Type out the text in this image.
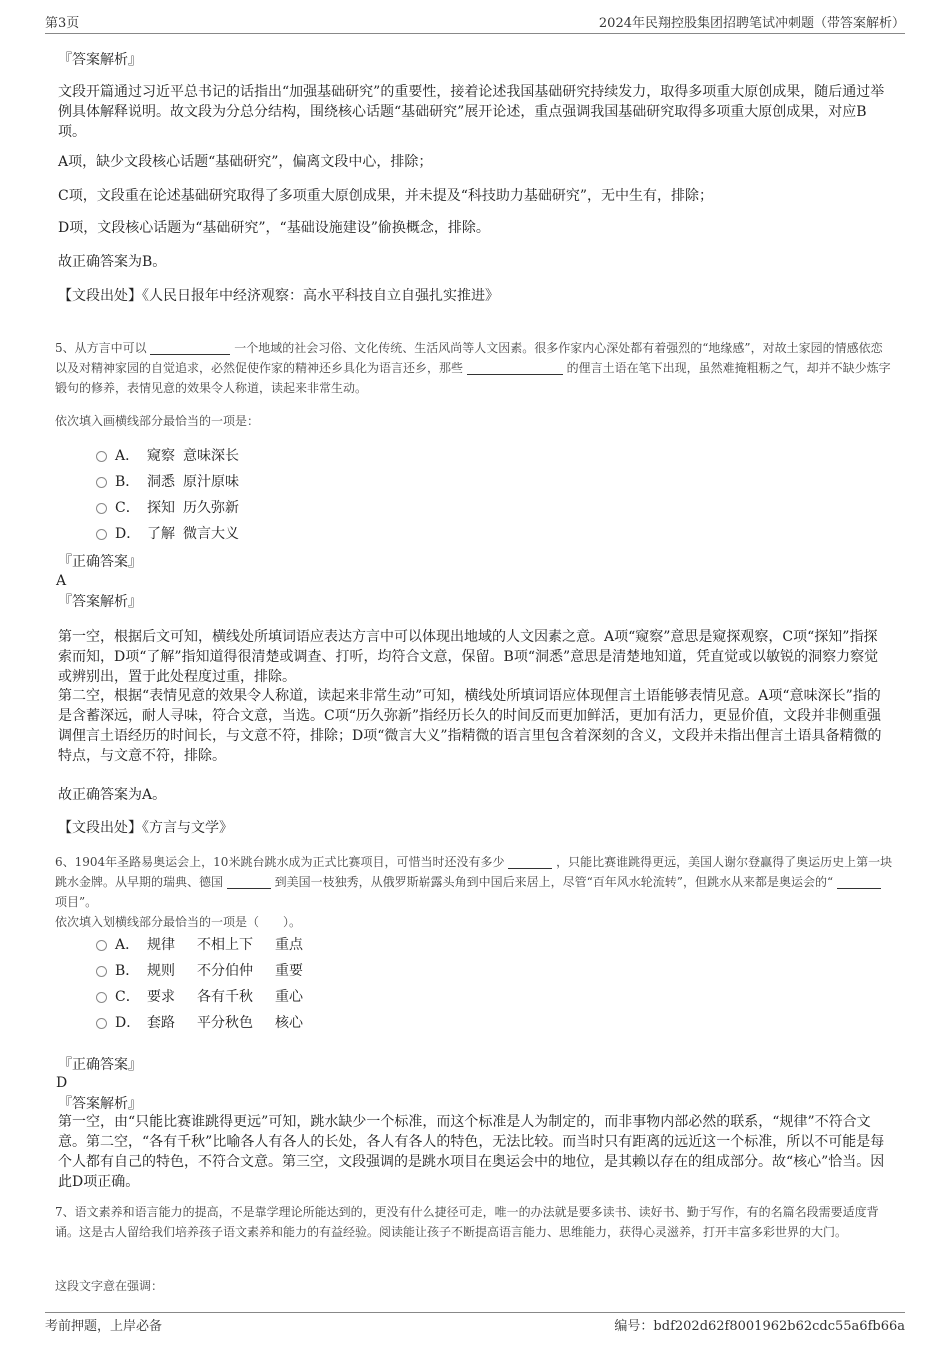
第3页	2024年民翔控股集团招聘笔试冲刺题（带答案解析）
『答案解析』
文段开篇通过习近平总书记的话指出“加强基础研究”的重要性，接着论述我国基础研究持续发力，取得多项重大原创成果，随后通过举例具体解释说明。故文段为分总分结构，围绕核心话题“基础研究”展开论述，重点强调我国基础研究取得多项重大原创成果，对应B项。
A项，缺少文段核心话题“基础研究”，偏离文段中心，排除；
C项，文段重在论述基础研究取得了多项重大原创成果，并未提及“科技助力基础研究”，无中生有，排除；
D项，文段核心话题为“基础研究”，“基础设施建设”偷换概念，排除。
故正确答案为B。
【文段出处】《人民日报年中经济观察：高水平科技自立自强扎实推进》
5、从方言中可以	一个地域的社会习俗、文化传统、生活风尚等人文因素。很多作家内心深处都有着强烈的“地缘感”，对故土家园的情感依恋以及对精神家园的自觉追求，必然促使作家的精神还乡具化为语言还乡，那些	的俚言土语在笔下出现，虽然难掩粗粝之气，却并不缺少炼字锻句的修养，表情见意的效果令人称道，读起来非常生动。
依次填入画横线部分最恰当的一项是：
A． 窥察 意味深长
B． 洞悉 原汁原味
C． 探知 历久弥新
D． 了解 微言大义
『正确答案』
A
『答案解析』
第一空，根据后文可知，横线处所填词语应表达方言中可以体现出地域的人文因素之意。A项“窥察”意思是窥探观察，C项“探知”指探索而知，D项“了解”指知道得很清楚或调查、打听，均符合文意，保留。B项“洞悉”意思是清楚地知道，凭直觉或以敏锐的洞察力察觉或辨别出，置于此处程度过重，排除。
第二空，根据“表情见意的效果令人称道，读起来非常生动”可知，横线处所填词语应体现俚言土语能够表情见意。A项“意味深长”指的是含蓄深远，耐人寻味，符合文意，当选。C项“历久弥新”指经历长久的时间反而更加鲜活，更加有活力，更显价值，文段并非侧重强调俚言土语经历的时间长，与文意不符，排除；D项“微言大义”指精微的语言里包含着深刻的含义，文段并未指出俚言土语具备精微的特点，与文意不符，排除。
故正确答案为A。
【文段出处】《方言与文学》
6、1904年圣路易奥运会上，10米跳台跳水成为正式比赛项目，可惜当时还没有多少	，只能比赛谁跳得更远，美国人谢尔登赢得了奥运历史上第一块跳水金牌。从早期的瑞典、德国	到美国一枝独秀，从俄罗斯崭露头角到中国后来居上，尽管“百年风水轮流转”，但跳水从来都是奥运会的“  项目”。
依次填入划横线部分最恰当的一项是（　　）。
A． 规律 不相上下 重点
B． 规则 不分伯仲 重要
C． 要求 各有千秋 重心
D． 套路 平分秋色 核心
『正确答案』
D
『答案解析』
第一空，由“只能比赛谁跳得更远”可知，跳水缺少一个标准，而这个标准是人为制定的，而非事物内部必然的联系，“规律”不符合文意。第二空，“各有千秋”比喻各人有各人的长处，各人有各人的特色，无法比较。而当时只有距离的远近这一个标准，所以不可能是每个人都有自己的特色，不符合文意。第三空，文段强调的是跳水项目在奥运会中的地位，是其赖以存在的组成部分。故“核心”恰当。因此D项正确。
7、语文素养和语言能力的提高，不是靠学理论所能达到的，更没有什么捷径可走，唯一的办法就是要多读书、读好书、勤于写作，有的名篇名段需要适度背诵。这是古人留给我们培养孩子语文素养和能力的有益经验。阅读能让孩子不断提高语言能力、思维能力，获得心灵滋养，打开丰富多彩世界的大门。
这段文字意在强调：
考前押题，上岸必备	编号：bdf202d62f8001962b62cdc55a6fb66a
